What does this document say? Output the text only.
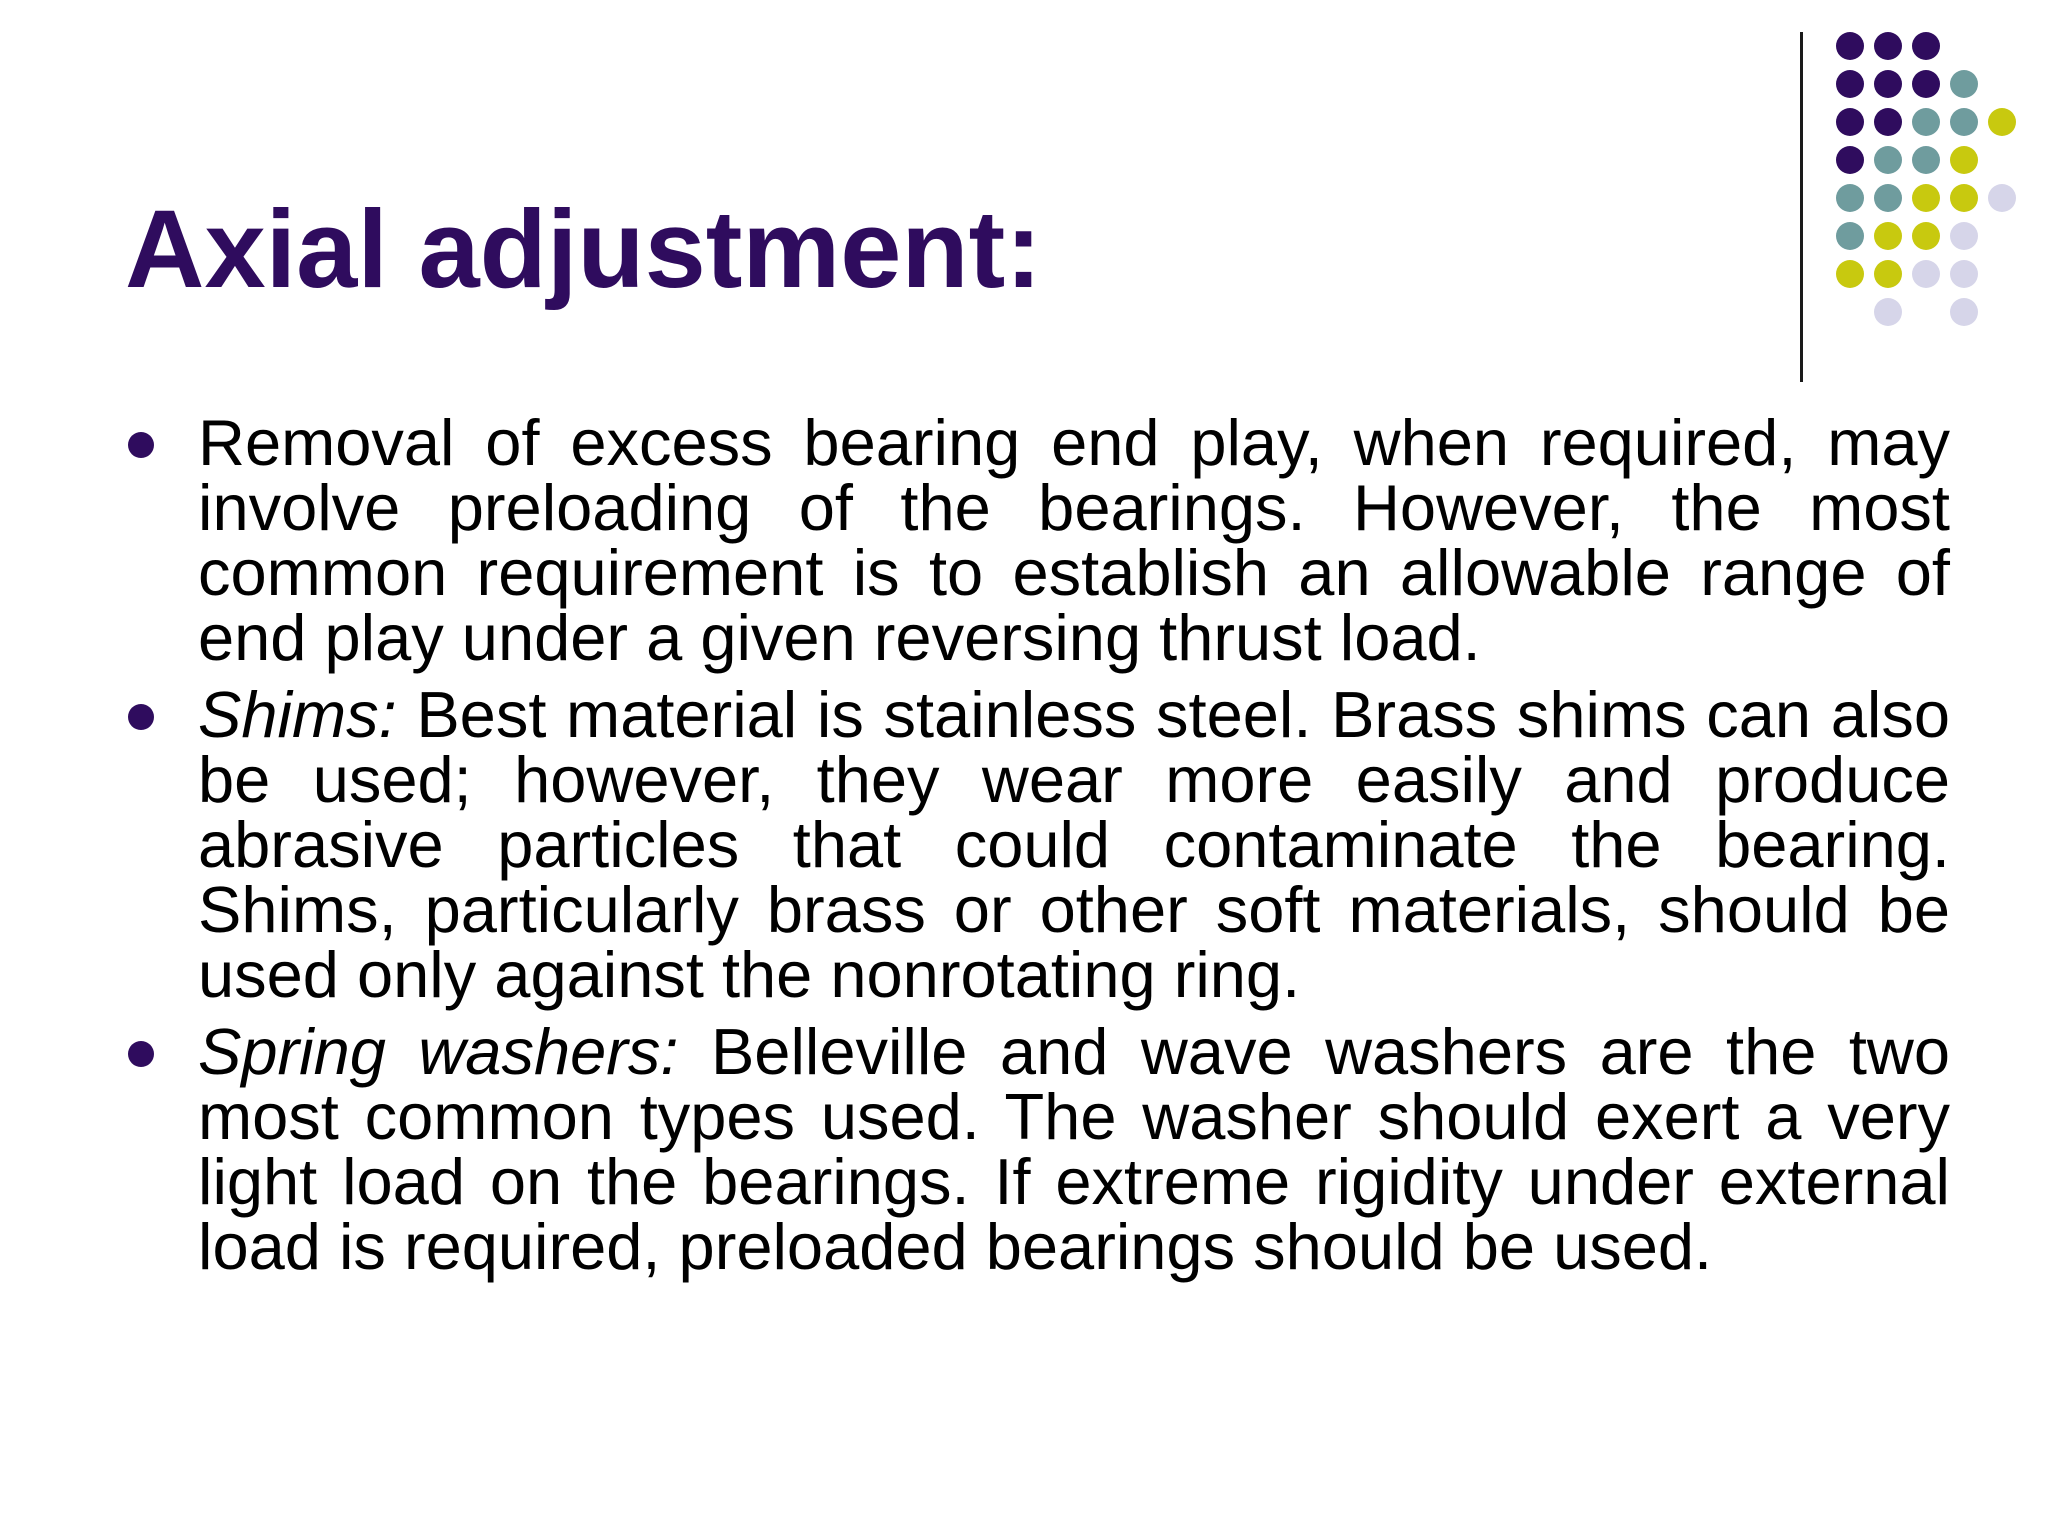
Axial adjustment:
Removal of excess bearing end play, when required, may involve preloading of the bearings. However, the most common requirement is to establish an allowable range of end play under a given reversing thrust load.
Shims: Best material is stainless steel. Brass shims can also be used; however, they wear more easily and produce abrasive particles that could contaminate the bearing. Shims, particularly brass or other soft materials, should be used only against the nonrotating ring.
Spring washers: Belleville and wave washers are the two most common types used. The washer should exert a very light load on the bearings. If extreme rigidity under external load is required, preloaded bearings should be used.
